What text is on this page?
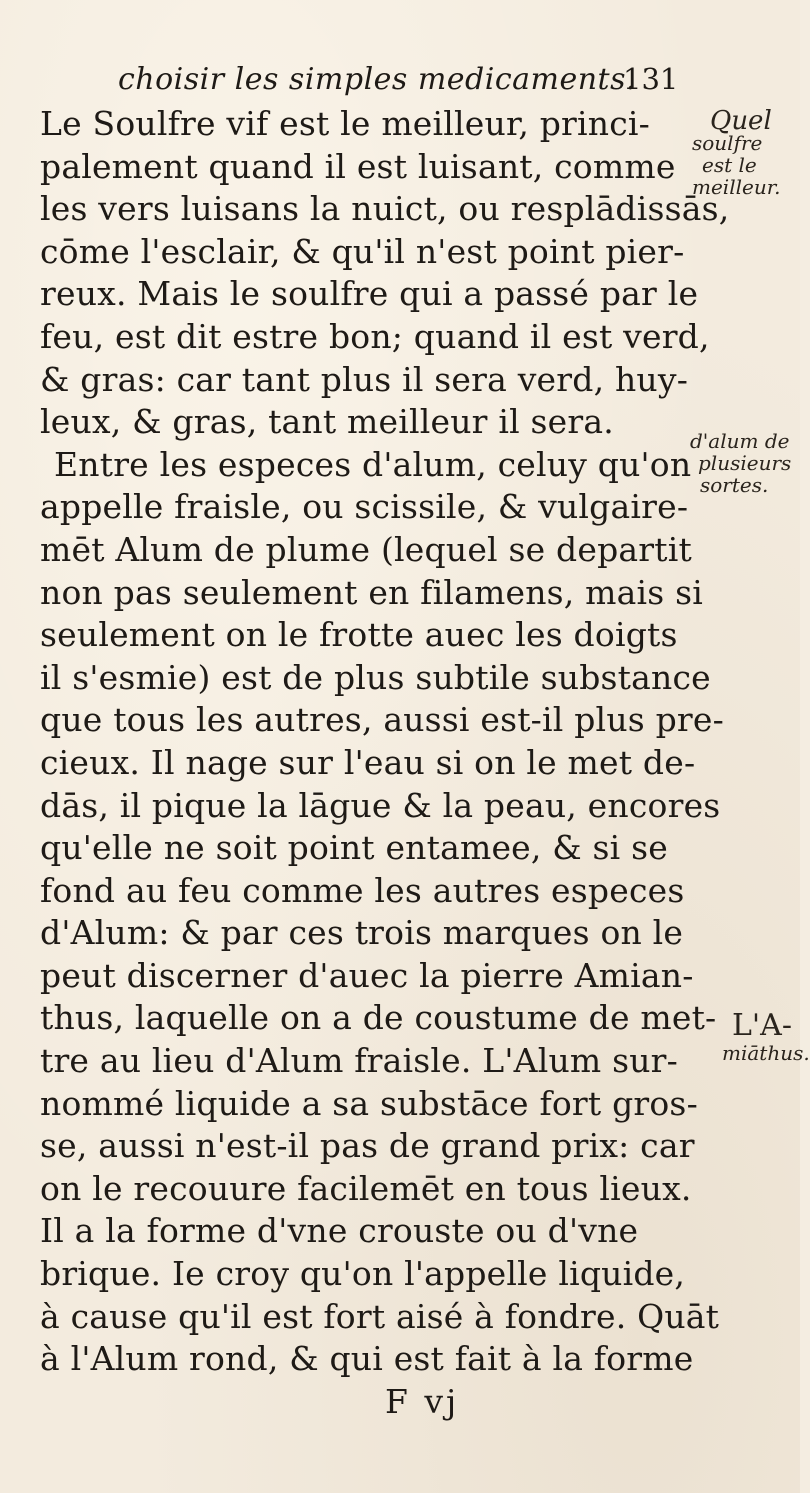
choisir les simples medicaments.
131
Le Soulfre vif est le meilleur, princi-
palement quand il est luisant, comme
les vers luisans la nuict, ou resplādissās,
cōme l'esclair, & qu'il n'est point pier-
reux. Mais le soulfre qui a passé par le
feu, est dit estre bon; quand il est verd,
& gras: car tant plus il sera verd, huy-
leux, & gras, tant meilleur il sera.
Entre les especes d'alum, celuy qu'on
appelle fraisle, ou scissile, & vulgaire-
mēt Alum de plume (lequel se departit
non pas seulement en filamens, mais si
seulement on le frotte auec les doigts
il s'esmie) est de plus subtile substance
que tous les autres, aussi est-il plus pre-
cieux. Il nage sur l'eau si on le met de-
dās, il pique la lāgue & la peau, encores
qu'elle ne soit point entamee, & si se
fond au feu comme les autres especes
d'Alum: & par ces trois marques on le
peut discerner d'auec la pierre Amian-
thus, laquelle on a de coustume de met-
tre au lieu d'Alum fraisle. L'Alum sur-
nommé liquide a sa substāce fort gros-
se, aussi n'est-il pas de grand prix: car
on le recouure facilemēt en tous lieux.
Il a la forme d'vne crouste ou d'vne
brique. Ie croy qu'on l'appelle liquide,
à cause qu'il est fort aisé à fondre. Quāt
à l'Alum rond, & qui est fait à la forme
F vj
Quel
soulfre
est le
meilleur.
d'alum de
plusieurs
sortes.
L'A-
miāthus.
